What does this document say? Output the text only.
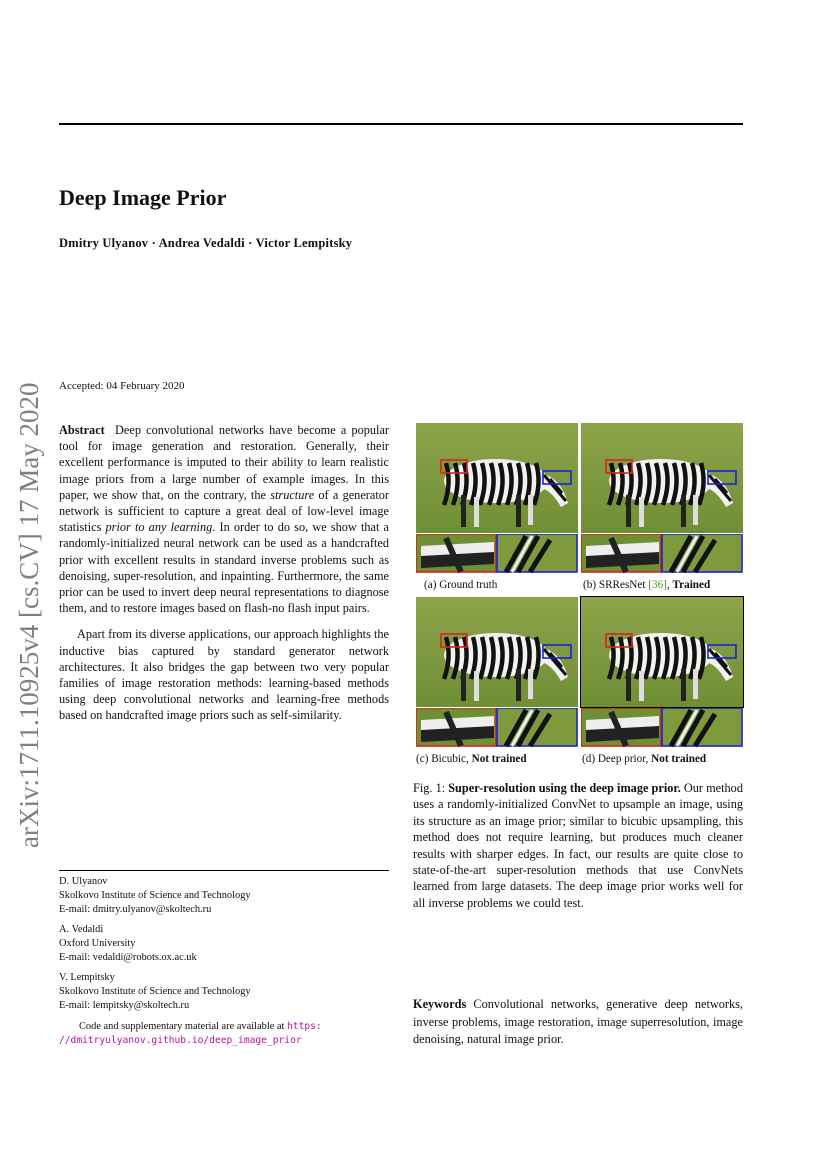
Deep Image Prior
Dmitry Ulyanov · Andrea Vedaldi · Victor Lempitsky
arXiv:1711.10925v4 [cs.CV] 17 May 2020	Accepted: 04 February 2020

Abstract Deep convolutional networks have become a popular tool for image generation and restoration. Generally, their excellent performance is imputed to their ability to learn realistic image priors from a large number of example images. In this paper, we show that, on the contrary, the structure of a generator network is sufficient to capture a great deal of low-level image statistics prior to any learning. In order to do so, we show that a randomly-initialized neural network can be used as a handcrafted prior with excellent results in standard inverse problems such as denoising, super-resolution, and inpainting. Furthermore, the same prior can be used to invert deep neural representations to diagnose them, and to restore images based on flash-no flash input pairs.

Apart from its diverse applications, our approach highlights the inductive bias captured by standard generator network architectures. It also bridges the gap between two very popular families of image restoration methods: learning-based methods using deep convolutional networks and learning-free methods based on handcrafted image priors such as self-similarity.

D. Ulyanov
Skolkovo Institute of Science and Technology
E-mail: dmitry.ulyanov@skoltech.ru
A. Vedaldi
Oxford University
E-mail: vedaldi@robots.ox.ac.uk
V. Lempitsky
Skolkovo Institute of Science and Technology
E-mail: lempitsky@skoltech.ru
Code and supplementary material are available at https:
//dmitryulyanov.github.io/deep_image_prior
(a) Ground truth	(b) SRResNet [36], Trained
(c) Bicubic, Not trained	(d) Deep prior, Not trained
Fig. 1: Super-resolution using the deep image prior. Our method uses a randomly-initialized ConvNet to upsample an image, using its structure as an image prior; similar to bicubic upsampling, this method does not require learning, but produces much cleaner results with sharper edges. In fact, our results are quite close to state-of-the-art super-resolution methods that use ConvNets learned from large datasets. The deep image prior works well for all inverse problems we could test.
Keywords Convolutional networks, generative deep networks, inverse problems, image restoration, image superresolution, image denoising, natural image prior.
